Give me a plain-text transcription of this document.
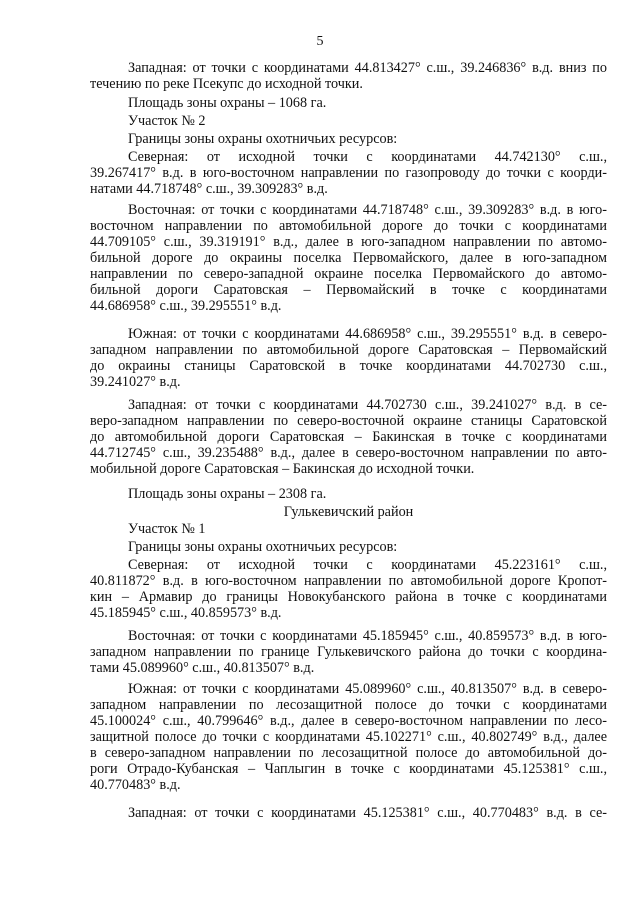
5
Западная: от точки с координатами 44.813427° с.ш., 39.246836° в.д. вниз по
течению по реке Псекупс до исходной точки.
Площадь зоны охраны – 1068 га.
Участок № 2
Границы зоны охраны охотничьих ресурсов:
Северная: от исходной точки с координатами 44.742130° с.ш.,
39.267417° в.д. в юго-восточном направлении по газопроводу до точки с коорди-
натами 44.718748° с.ш., 39.309283° в.д.
Восточная: от точки с координатами 44.718748° с.ш., 39.309283° в.д. в юго-
восточном направлении по автомобильной дороге до точки с координатами
44.709105° с.ш., 39.319191° в.д., далее в юго-западном направлении по автомо-
бильной дороге до окраины поселка Первомайского, далее в юго-западном
направлении по северо-западной окраине поселка Первомайского до автомо-
бильной дороги Саратовская – Первомайский в точке с координатами
44.686958° с.ш., 39.295551° в.д.
Южная: от точки с координатами 44.686958° с.ш., 39.295551° в.д. в северо-
западном направлении по автомобильной дороге Саратовская – Первомайский
до окраины станицы Саратовской в точке координатами 44.702730 с.ш.,
39.241027° в.д.
Западная: от точки с координатами 44.702730 с.ш., 39.241027° в.д. в се-
веро-западном направлении по северо-восточной окраине станицы Саратовской
до автомобильной дороги Саратовская – Бакинская в точке с координатами
44.712745° с.ш., 39.235488° в.д., далее в северо-восточном направлении по авто-
мобильной дороге Саратовская – Бакинская до исходной точки.
Площадь зоны охраны – 2308 га.
Гулькевичский район
Участок № 1
Границы зоны охраны охотничьих ресурсов:
Северная: от исходной точки с координатами 45.223161° с.ш.,
40.811872° в.д. в юго-восточном направлении по автомобильной дороге Кропот-
кин – Армавир до границы Новокубанского района в точке с координатами
45.185945° с.ш., 40.859573° в.д.
Восточная: от точки с координатами 45.185945° с.ш., 40.859573° в.д. в юго-
западном направлении по границе Гулькевичского района до точки с координа-
тами 45.089960° с.ш., 40.813507° в.д.
Южная: от точки с координатами 45.089960° с.ш., 40.813507° в.д. в северо-
западном направлении по лесозащитной полосе до точки с координатами
45.100024° с.ш., 40.799646° в.д., далее в северо-восточном направлении по лесо-
защитной полосе до точки с координатами 45.102271° с.ш., 40.802749° в.д., далее
в северо-западном направлении по лесозащитной полосе до автомобильной до-
роги Отрадо-Кубанская – Чаплыгин в точке с координатами 45.125381° с.ш.,
40.770483° в.д.
Западная: от точки с координатами 45.125381° с.ш., 40.770483° в.д. в се-
